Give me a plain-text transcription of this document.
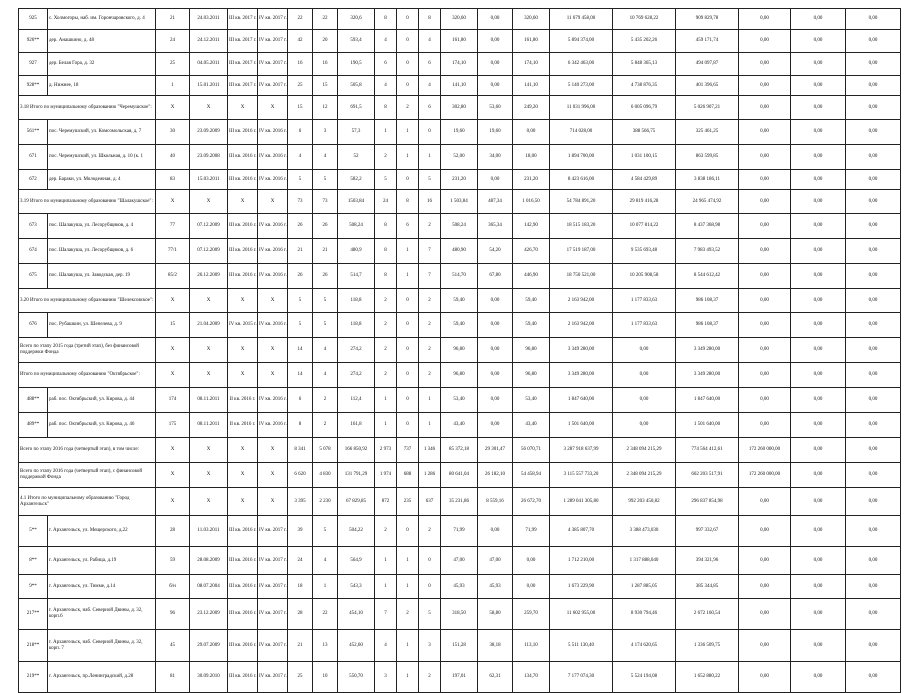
925	с. Холмогоры, наб. им. Горончаровского, д. 4	21	24.03.2011	III кв. 2017 г.	IV кв. 2017 г.	22	22	320,6	8	0	8	320,60	0,00	320,60	11 679 458,00	10 769 628,22	909 829,78	0,00	0,00	0,00
926**	дер. Анашкино, д. 48	24	24.12.2011	III кв. 2017 г.	IV кв. 2017 г.	42	20	593,4	4	0	4	161,80	0,00	161,80	5 894 374,00	5 435 202,26	459 171,74	0,00	0,00	0,00
927	дер. Белая Гора, д. 32	25	04.05.2011	III кв. 2017 г.	IV кв. 2017 г.	16	16	190,5	6	0	6	174,10	0,00	174,10	6 342 463,00	5 848 365,13	494 097,87	0,00	0,00	0,00
928**	д. Нижнее, 18	1	15.01.2011	III кв. 2017 г.	IV кв. 2017 г.	25	15	505,8	4	0	4	141,10	0,00	141,10	5 140 273,00	4 738 876,35	401 396,65	0,00	0,00	0,00
3.18 Итого по муниципальному образованию "Черемушское":		X	X	X	X	15	12	691,5	8	2	6	302,80	53,60	249,20	11 031 996,00	6 005 096,79	5 026 907,21	0,00	0,00	0,00
561**	пос. Черемушский, ул. Комсомольская, д. 7	30	23.09.2009	III кв. 2016 г.	IV кв. 2016 г.	6	3	57,3	1	1	0	19,60	19,60	0,00	714 028,00	388 566,75	325 461,25	0,00	0,00	0,00
671	пос. Черемушский, ул. Школьная, д. 10 (к. 1	40	23.09.2008	III кв. 2016 г.	IV кв. 2016 г.	4	4	52	2	1	1	52,00	34,00	18,00	1 894 700,00	1 031 100,15	863 599,85	0,00	0,00	0,00
672	дер. Бараки, ул. Молодежная, д. 4	83	15.03.2011	III кв. 2016 г.	IV кв. 2016 г.	5	5	582,2	5	0	5	231,20	0,00	231,20	8 423 616,00	4 584 429,89	3 838 186,11	0,00	0,00	0,00
3.19 Итого по муниципальному образованию "Шалакушское":		X	X	X	X	73	73	1503,84	24	8	16	1 503,84	487,34	1 016,50	54 784 891,20	29 819 416,28	24 965 474,92	0,00	0,00	0,00
673	пос. Шалакуша, ул. Лесорубщиков, д. 4	77	07.12.2009	III кв. 2016 г.	IV кв. 2016 г.	26	26	508,24	8	6	2	508,24	365,34	142,90	18 515 183,20	10 077 814,22	8 437 368,98	0,00	0,00	0,00
674	пос. Шалакуша, ул. Лесорубщиков, д. 6	77/1	07.12.2009	III кв. 2016 г.	IV кв. 2016 г.	21	21	480,9	8	1	7	480,90	54,20	426,70	17 519 187,00	9 535 693,48	7 983 493,52	0,00	0,00	0,00
675	пос. Шалакуша, ул. Заводская, дер. 19	85/2	26.12.2009	III кв. 2016 г.	IV кв. 2016 г.	26	26	514,7	8	1	7	514,70	67,80	446,90	18 750 521,00	10 205 908,58	8 544 612,42	0,00	0,00	0,00
3.20 Итого по муниципальному образованию "Шелексовское":		X	X	X	X	5	5	118,8	2	0	2	59,40	0,00	59,40	2 163 942,00	1 177 833,63	986 108,37	0,00	0,00	0,00
676	пос. Рубашкин, ул. Шепелева, д. 9	15	21.04.2009	IV кв. 2015 г.	IV кв. 2016 г.	5	5	118,8	2	0	2	59,40	0,00	59,40	2 163 942,00	1 177 833,63	986 108,37	0,00	0,00	0,00
Всего по этапу 2015 года (третий этап), без финансовой поддержки Фонда		X	X	X	X	14	4	274,2	2	0	2	96,80	0,00	96,80	3 349 280,00	0,00	3 349 280,00	0,00	0,00	0,00
Итого по муниципальному образованию "Октябрьское":		X	X	X	X	14	4	274,2	2	0	2	96,80	0,00	96,80	3 349 280,00	0,00	3 349 280,00	0,00	0,00	0,00
488**	раб. пос. Октябрьский, ул. Кирова, д. 44	174	08.11.2011	II кв. 2016 г.	IV кв. 2016 г.	6	2	112,4	1	0	1	53,40	0,00	53,40	1 847 640,00	0,00	1 847 640,00	0,00	0,00	0,00
489**	раб. пос. Октябрьский, ул. Кирова, д. 46	175	08.11.2011	II кв. 2016 г.	IV кв. 2016 г.	8	2	161,8	1	0	1	43,40	0,00	43,40	1 501 640,00	0,00	1 501 640,00	0,00	0,00	0,00
Всего по этапу 2016 года (четвертый этап), в том числе:		X	X	X	X	8 341	5 078	166 850,92	2 973	737	1 346	85 372,18	29 301,47	56 070,71	3 287 918 637,99	2 348 094 215,29	774 564 412,61	172 260 000,00	0,00	0,00
Всего по этапу 2016 года (четвертый этап), с финансовой поддержкой Фонда		X	X	X	X	6 620	4 830	131 791,29	1 974	688	1 286	80 641,04	26 182,10	54 458,94	3 115 557 733,20	2 348 094 215,29	602 203 517,91	172 260 000,00	0,00	0,00
4.1 Итого по муниципальному образованию "Город Архангельск"		X	X	X	X	3 395	2 230	67 829,85	872	235	637	35 231,86	8 559,16	26 672,70	1 289 041 305,80	992 203 450,82	296 837 854,98	0,00	0,00	0,00
5**	г. Архангельск, ул. Мещерского, д.22	28	11.03.2011	III кв. 2016 г.	IV кв. 2017 г.	39	5	504,22	2	0	2	71,99	0,00	71,99	4 385 807,70	3 388 473,030	997 332,67	0,00	0,00	0,00
8**	г. Архангельск, ул. Рабица, д.19	59	28.08.2009	III кв. 2016 г.	IV кв. 2017 г.	24	4	564,9	1	1	0	47,00	47,00	0,00	1 712 210,00	1 317 888,040	394 321,96	0,00	0,00	0,00
9**	г. Архангельск, ул. Тимме, д.14	б/н	08.07.2004	III кв. 2016 г.	IV кв. 2017 г.	18	1	543,3	1	1	0	45,93	45,93	0,00	1 673 229,90	1 287 885,05	385 344,85	0,00	0,00	0,00
217**	г. Архангельск, наб. Северной Двины, д. 32, корп.6	96	23.12.2009	III кв. 2016 г.	IV кв. 2017 г.	28	22	454,10	7	2	5	318,50	58,80	259,70	11 602 955,00	8 930 794,46	2 672 160,54	0,00	0,00	0,00
218**	г. Архангельск, наб. Северной Двины, д. 32, корп. 7	45	29.07.2009	III кв. 2016 г.	IV кв. 2017 г.	21	13	452,60	4	1	3	151,28	38,18	113,10	5 511 130,40	4 174 620,65	1 336 509,75	0,00	0,00	0,00
219**	г. Архангельск, пр.Ленинградский, д.28	81	30.09.2010	III кв. 2016 г.	IV кв. 2017 г.	25	10	550,70	3	1	2	197,01	62,31	134,70	7 177 074,30	5 524 194,08	1 652 880,22	0,00	0,00	0,00
